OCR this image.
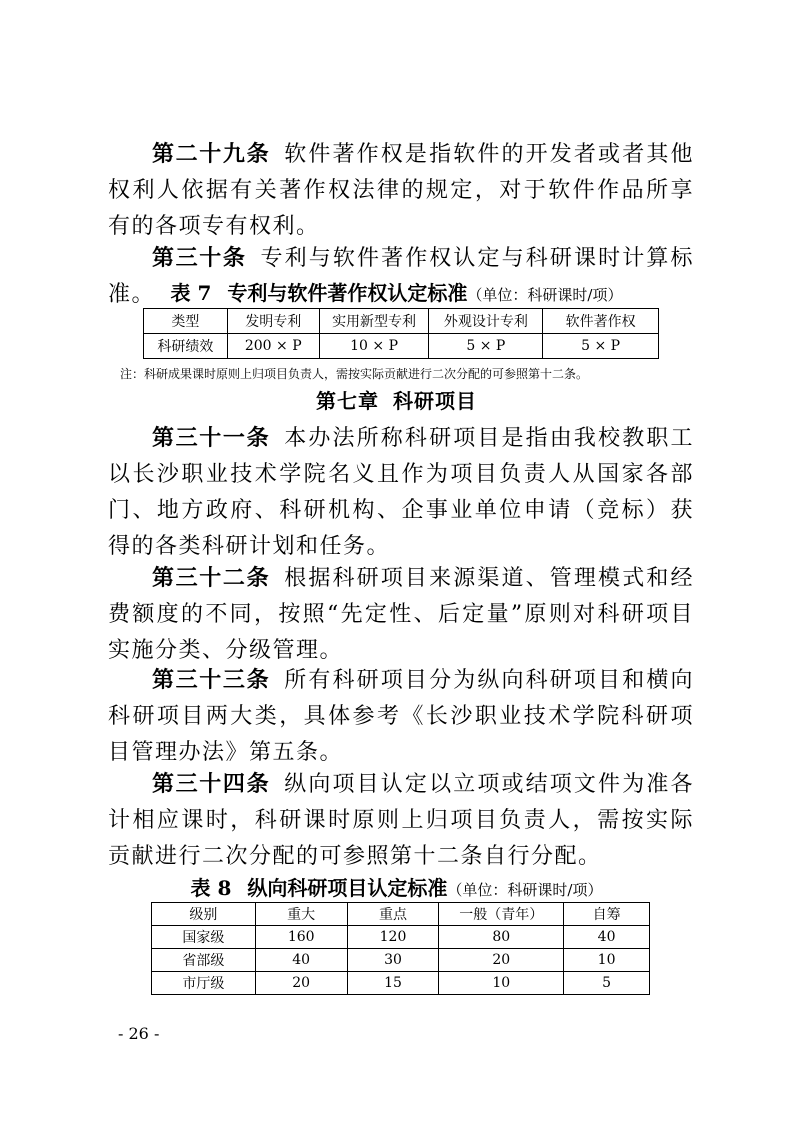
第二十九条 软件著作权是指软件的开发者或者其他权利人依据有关著作权法律的规定，对于软件作品所享有的各项专有权利。

第三十条 专利与软件著作权认定与科研课时计算标准。 表 7 专利与软件著作权认定标准（单位：科研课时/项）
类型	发明专利	实用新型专利	外观设计专利	软件著作权
科研绩效	200 × P	10 × P	5 × P	5 × P
注：科研成果课时原则上归项目负责人，需按实际贡献进行二次分配的可参照第十二条。
第七章 科研项目

第三十一条 本办法所称科研项目是指由我校教职工以长沙职业技术学院名义且作为项目负责人从国家各部门、地方政府、科研机构、企事业单位申请（竞标）获得的各类科研计划和任务。

第三十二条 根据科研项目来源渠道、管理模式和经费额度的不同，按照“先定性、后定量”原则对科研项目实施分类、分级管理。

第三十三条 所有科研项目分为纵向科研项目和横向科研项目两大类，具体参考《长沙职业技术学院科研项目管理办法》第五条。

第三十四条 纵向项目认定以立项或结项文件为准各计相应课时，科研课时原则上归项目负责人，需按实际贡献进行二次分配的可参照第十二条自行分配。

表 8 纵向科研项目认定标准（单位：科研课时/项）
级别	重大	重点	一般（青年）	自筹
国家级	160	120	80	40
省部级	40	30	20	10
市厅级	20	15	10	5
- 26 -
